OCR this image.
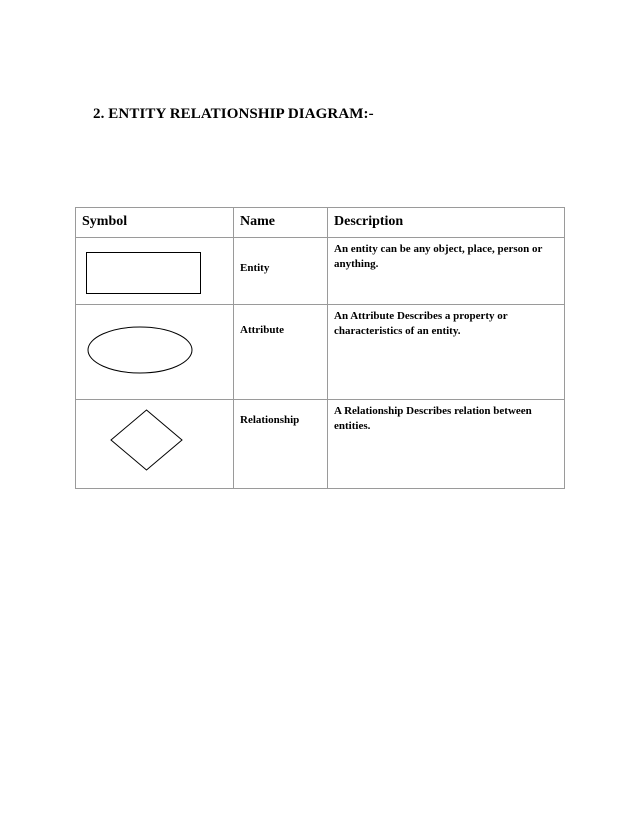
2. ENTITY RELATIONSHIP DIAGRAM:-
Symbol	Name	Description

Entity	An entity can be any object, place, person or anything.

Attribute	An Attribute Describes a property or characteristics of an entity.

Relationship	A Relationship Describes relation between entities.
